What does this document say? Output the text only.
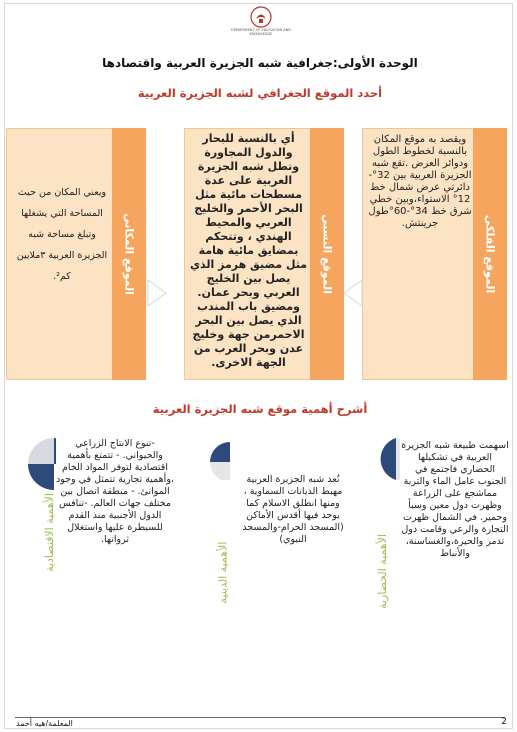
DEPARTMENT OF EDUCATION AND KNOWLEDGE
الوحدة الأولى:جغرافية شبه الجزيرة العربية واقتصادها
أحدد الموقع الجغرافي لشبه الجزيرة العربية
الموقع الفلكي
الموقع النسبي
الموقع المكاني
ويقصد به موقع المكان بالنسبة لخطوط الطول ودوائر العرض .تقع شبه الجزيرة العربية بين 32°-دائرتي عرض شمال خط 12° الاستواء،وبين خطي شرق خط 34°-60°طول جرينتش.
أي بالنسبة للبحار والدول المجاورة وتطل شبه الجزيرة العربية على عدة مسطحات مائية مثل البحر الأحمر والخليج العربي والمحيط الهندي ، وتتحكم بمضايق مائية هامة مثل مضيق هرمز الذي يصل بين الخليج العربي وبحر عمان. ومضيق باب المندب الذي يصل بين البحر الاحمرمن جهة وخليج عدن وبحر العرب من الجهة الاخرى.
ويعني المكان من حيث المساحة التي يشغلها وتبلغ مساحة شبه الجزيرة العربية ٣ملايين كم².
أشرح أهمية موقع شبه الجزيرة العربية
الأهمية الحضارية
الأهمية الدينية
الأهمية الاقتصادية
اسهمت طبيعة شبه الجزيرة العربية في تشكيلها الحضاري فاجتمع في الجنوب عامل الماء والتربة مماشجع على الزراعة وظهرت دول معين وسبأ وحمير. في الشمال ظهرت التجارة والرعي وقامت دول تدمر والحيرة،والغساسنة، والأنباط
تُعد شبه الجزيرة العربية مهبط الديانات السماوية ، ومنها انطلق الاسلام كما يوجد فيها أقدس الأماكن (المسجد الحرام-والمسجد النبوي)
-تنوع الانتاج الزراعي والحيواني. - تتمتع بأهمية اقتصادية لتوفر المواد الخام ،وأهمية تجارية تتمثل في وجود الموانئ. - منطقة اتصال بين مختلف جهات العالم. -تنافس الدول الأجنبية منذ القدم للسيطرة عليها واستغلال ثرواتها.
المعلمة/هيه أحمد	2
